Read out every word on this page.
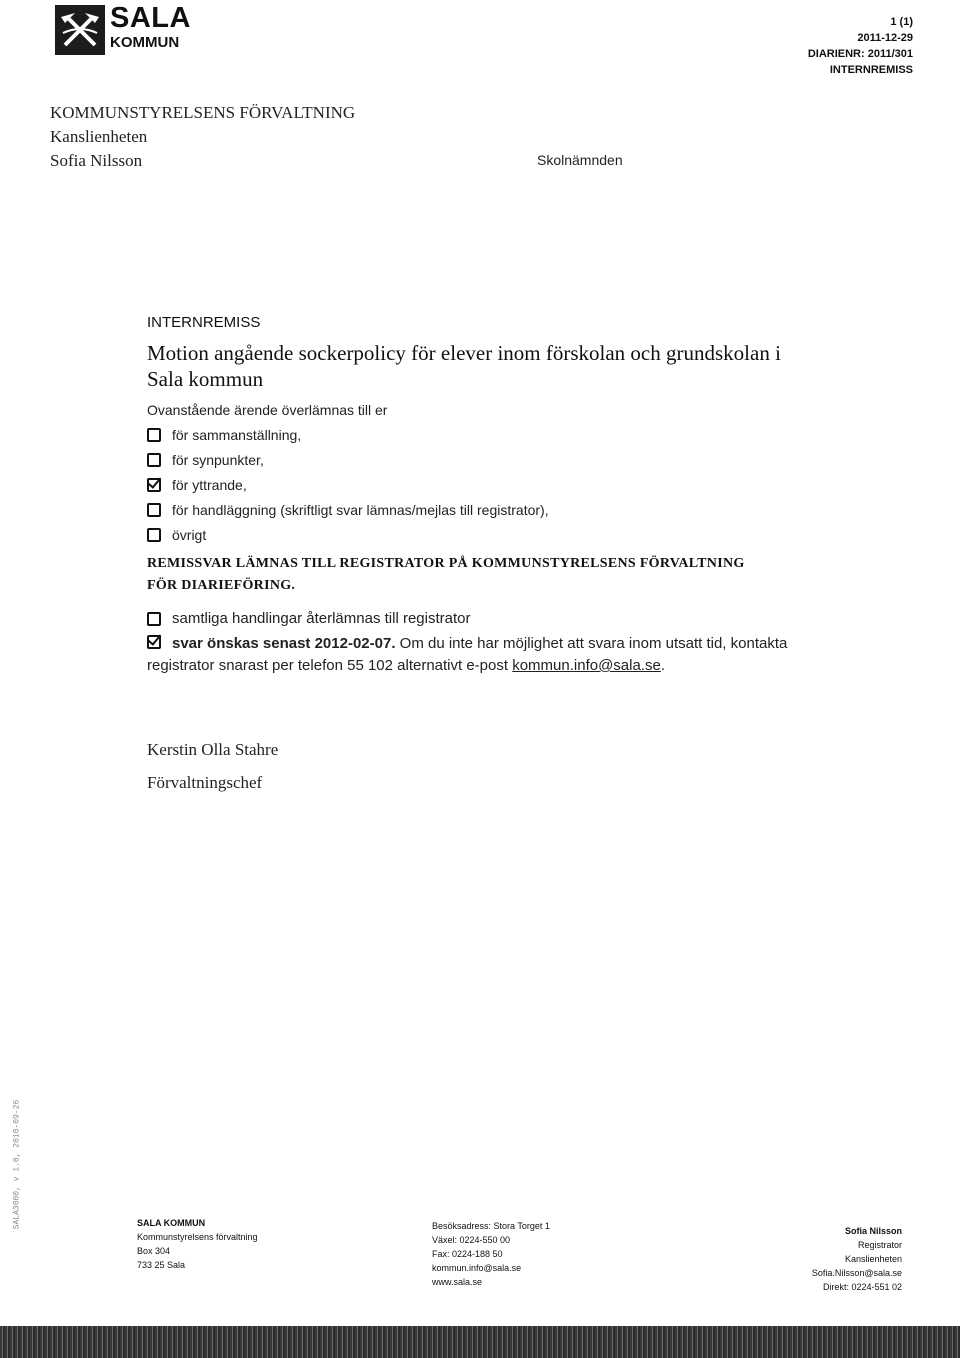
SALA
KOMMUN
1 (1)
2011-12-29
DIARIENR: 2011/301
INTERNREMISS
KOMMUNSTYRELSENS FÖRVALTNING
Kanslienheten
Sofia Nilsson	Skolnämnden
INTERNREMISS
Motion angående sockerpolicy för elever inom förskolan och grundskolan i Sala kommun
Ovanstående ärende överlämnas till er
för sammanställning,
för synpunkter,
för yttrande,
för handläggning (skriftligt svar lämnas/mejlas till registrator),
övrigt
REMISSVAR LÄMNAS TILL REGISTRATOR PÅ KOMMUNSTYRELSENS FÖRVALTNING FÖR DIARIEFÖRING.
samtliga handlingar återlämnas till registrator
svar önskas senast 2012-02-07. Om du inte har möjlighet att svara inom utsatt tid, kontakta registrator snarast per telefon 55 102 alternativt e-post kommun.info@sala.se.
Kerstin Olla Stahre
Förvaltningschef
SALA3000, v 1.0, 2010-09-26	SALA KOMMUN
Kommunstyrelsens förvaltning
Box 304
733 25 Sala
Besöksadress: Stora Torget 1
Växel: 0224-550 00
Fax: 0224-188 50
kommun.info@sala.se
www.sala.se
Sofia Nilsson
Registrator
Kanslienheten
Sofia.Nilsson@sala.se
Direkt: 0224-551 02
